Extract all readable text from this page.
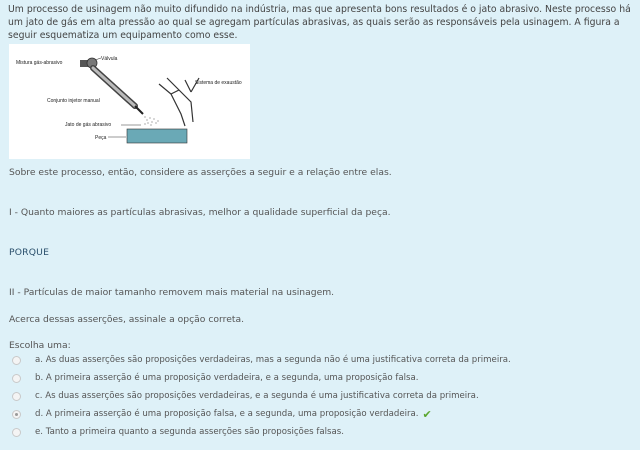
Um processo de usinagem não muito difundido na indústria, mas que apresenta bons resultados é o jato abrasivo. Neste processo há um jato de gás em alta pressão ao qual se agregam partículas abrasivas, as quais serão as responsáveis pela usinagem. A figura a seguir esquematiza um equipamento como esse.
Mistura gás-abrasivo
Válvula
Conjunto injetor manual
Jato de gás abrasivo
Peça
Sistema de exaustão
Sobre este processo, então, considere as asserções a seguir e a relação entre elas.
I - Quanto maiores as partículas abrasivas, melhor a qualidade superficial da peça.
PORQUE
II - Partículas de maior tamanho removem mais material na usinagem.
Acerca dessas asserções, assinale a opção correta.
Escolha uma:
a. As duas asserções são proposições verdadeiras, mas a segunda não é uma justificativa correta da primeira.
b. A primeira asserção é uma proposição verdadeira, e a segunda, uma proposição falsa.
c. As duas asserções são proposições verdadeiras, e a segunda é uma justificativa correta da primeira.
d. A primeira asserção é uma proposição falsa, e a segunda, uma proposição verdadeira. ✔
e. Tanto a primeira quanto a segunda asserções são proposições falsas.
